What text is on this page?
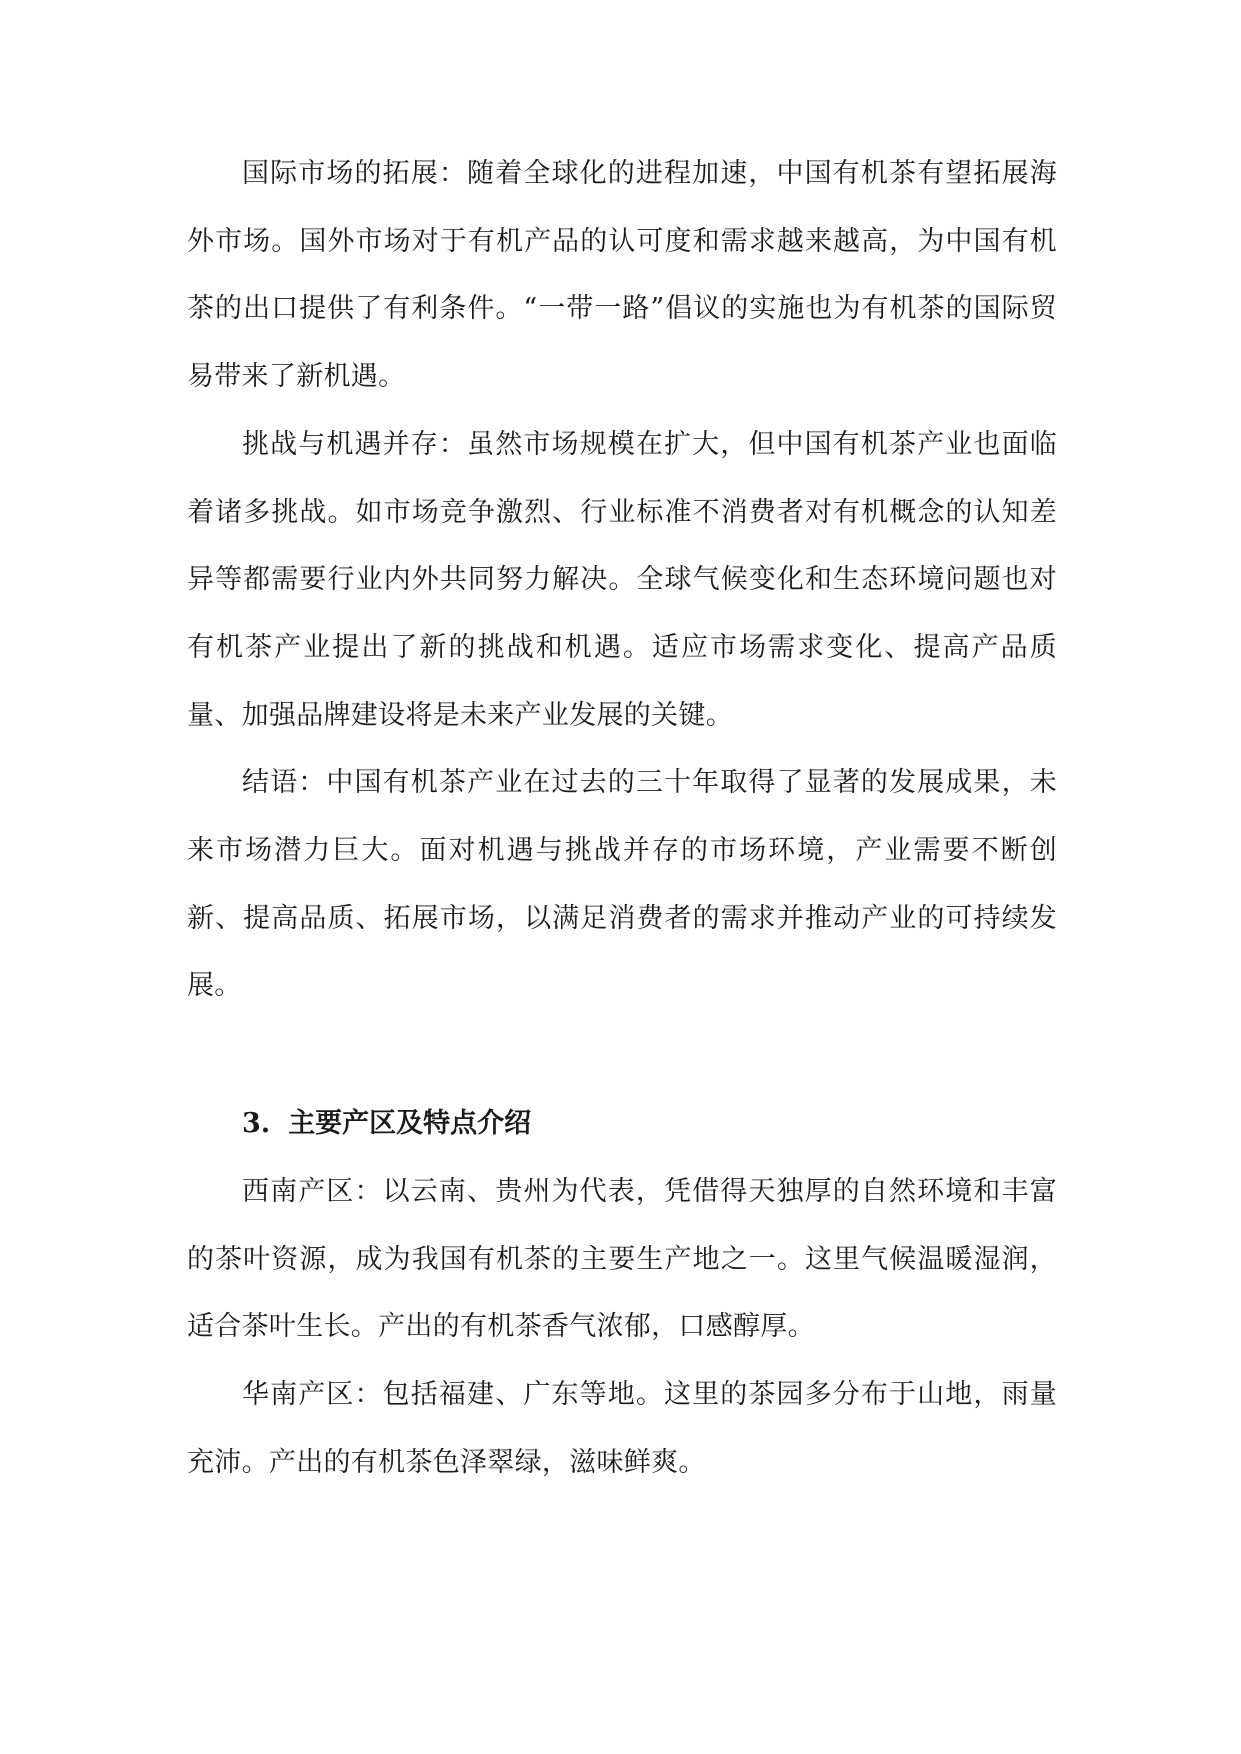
国际市场的拓展：随着全球化的进程加速，中国有机茶有望拓展海外市场。国外市场对于有机产品的认可度和需求越来越高，为中国有机茶的出口提供了有利条件。“一带一路”倡议的实施也为有机茶的国际贸易带来了新机遇。

挑战与机遇并存：虽然市场规模在扩大，但中国有机茶产业也面临着诸多挑战。如市场竞争激烈、行业标准不消费者对有机概念的认知差异等都需要行业内外共同努力解决。全球气候变化和生态环境问题也对有机茶产业提出了新的挑战和机遇。适应市场需求变化、提高产品质量、加强品牌建设将是未来产业发展的关键。

结语：中国有机茶产业在过去的三十年取得了显著的发展成果，未来市场潜力巨大。面对机遇与挑战并存的市场环境，产业需要不断创新、提高品质、拓展市场，以满足消费者的需求并推动产业的可持续发展。

3. 主要产区及特点介绍

西南产区：以云南、贵州为代表，凭借得天独厚的自然环境和丰富的茶叶资源，成为我国有机茶的主要生产地之一。这里气候温暖湿润，适合茶叶生长。产出的有机茶香气浓郁，口感醇厚。

华南产区：包括福建、广东等地。这里的茶园多分布于山地，雨量充沛。产出的有机茶色泽翠绿，滋味鲜爽。
